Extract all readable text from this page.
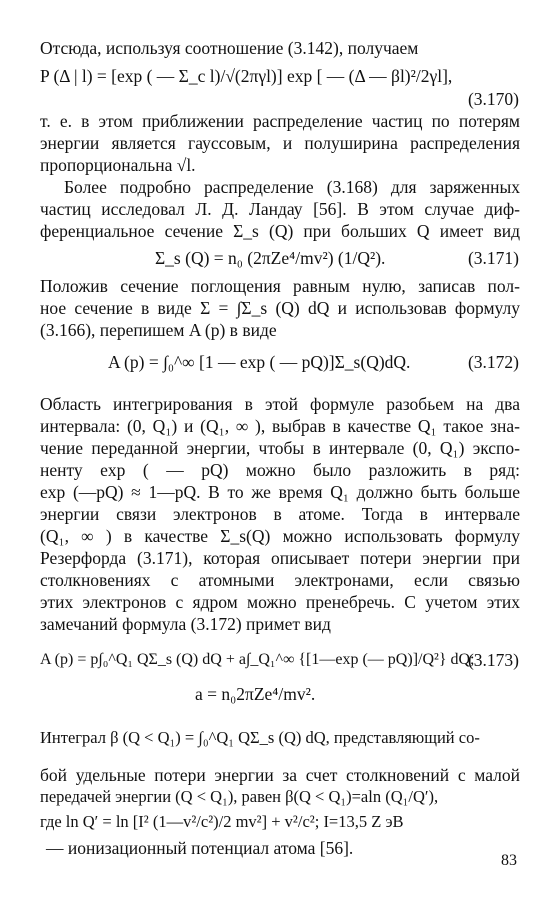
Отсюда, используя соотношение (3.142), получаем
P (Δ | l) = [exp ( — Σ_c l)/√(2πγl)] exp [ — (Δ — βl)²/2γl],
(3.170)
т. е. в этом приближении распределение частиц по потерям
энергии является гауссовым, и полуширина распределения
пропорциональна √l.
Более подробно распределение (3.168) для заряженных
частиц исследовал Л. Д. Ландау [56]. В этом случае диф-
ференциальное сечение Σ_s (Q) при больших Q имеет вид
Σ_s (Q) = n₀ (2πZe⁴/mv²) (1/Q²).	(3.171)
Положив сечение поглощения равным нулю, записав пол-
ное сечение в виде Σ = ∫Σ_s (Q) dQ и использовав формулу
(3.166), перепишем A (p) в виде
A (p) = ∫₀^∞ [1 — exp ( — pQ)]Σ_s(Q)dQ.	(3.172)
Область интегрирования в этой формуле разобьем на два
интервала: (0, Q₁) и (Q₁, ∞ ), выбрав в качестве Q₁ такое зна-
чение переданной энергии, чтобы в интервале (0, Q₁) экспо-
ненту exp ( — pQ) можно было разложить в ряд:
exp (—pQ) ≈ 1—pQ. В то же время Q₁ должно быть больше
энергии связи электронов в атоме. Тогда в интервале
(Q₁, ∞ ) в качестве Σ_s(Q) можно использовать формулу
Резерфорда (3.171), которая описывает потери энергии при
столкновениях с атомными электронами, если связью
этих электронов с ядром можно пренебречь. С учетом этих
замечаний формула (3.172) примет вид
A (p) = p∫₀^Q₁ QΣ_s (Q) dQ + a∫_Q₁^∞ {[1—exp (— pQ)]/Q²} dQ;
(3.173)
a = n₀2πZe⁴/mv².
Интеграл β (Q < Q₁) = ∫₀^Q₁ QΣ_s (Q) dQ, представляющий со-
бой удельные потери энергии за счет столкновений с малой
передачей энергии (Q < Q₁), равен β(Q < Q₁)=aln (Q₁/Q′),
где ln Q′ = ln [I² (1—v²/c²)/2 mv²] + v²/c²; I=13,5 Z эВ
— ионизационный потенциал атома [56].
83
